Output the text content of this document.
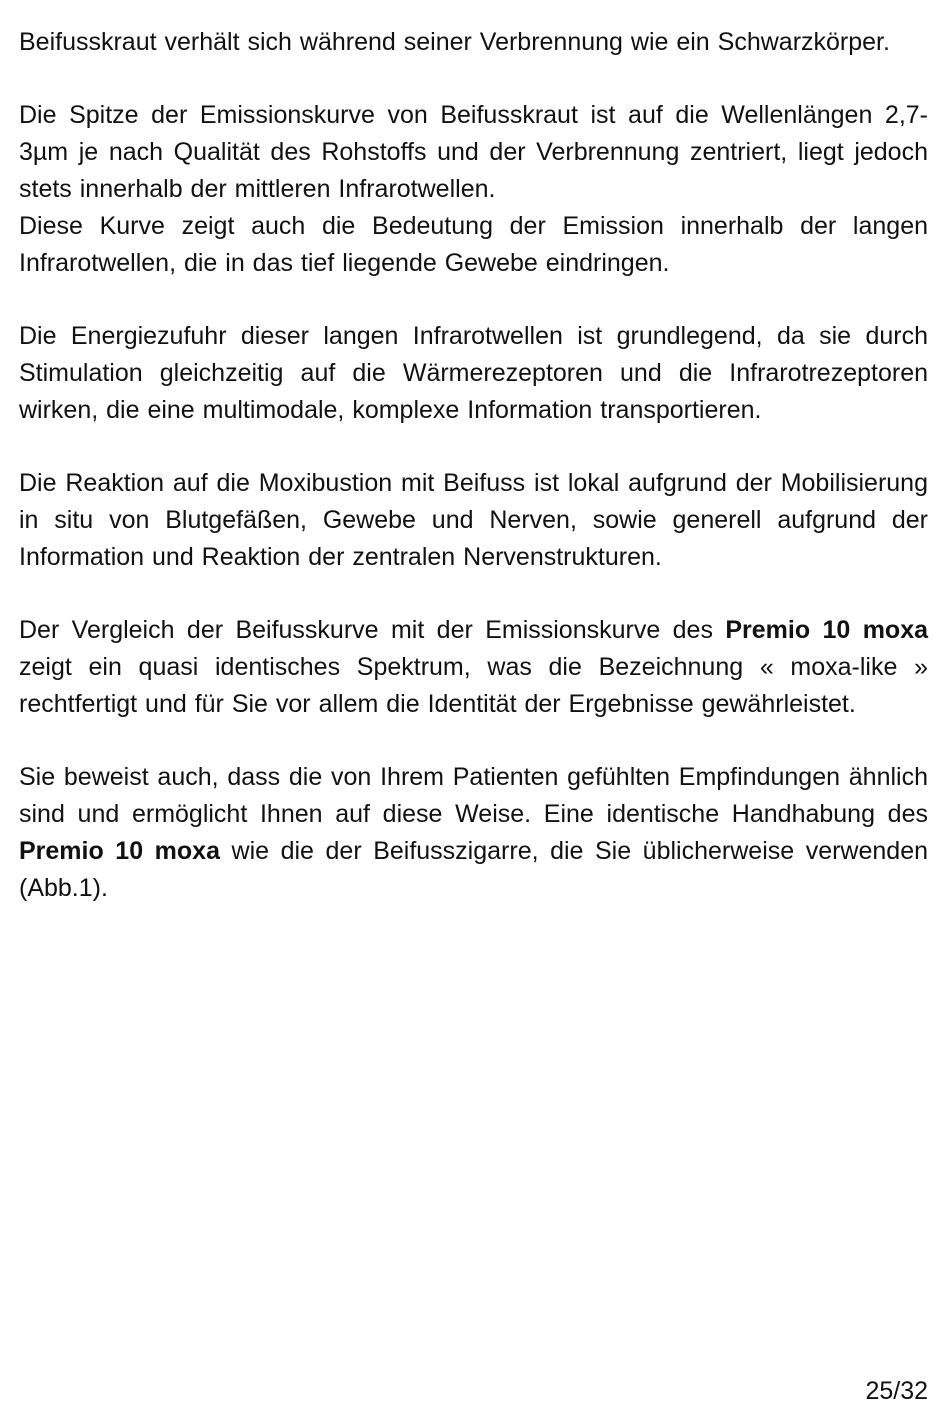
Beifusskraut verhält sich während seiner Verbrennung wie ein Schwarzkörper.

Die Spitze der Emissionskurve von Beifusskraut ist auf die Wellenlängen 2,7-3µm je nach Qualität des Rohstoffs und der Verbrennung zentriert, liegt jedoch stets innerhalb der mittleren Infrarotwellen.

Diese Kurve zeigt auch die Bedeutung der Emission innerhalb der langen Infrarotwellen, die in das tief liegende Gewebe eindringen.

Die Energiezufuhr dieser langen Infrarotwellen ist grundlegend, da sie durch Stimulation gleichzeitig auf die Wärmerezeptoren und die Infrarotrezeptoren wirken, die eine multimodale, komplexe Information transportieren.

Die Reaktion auf die Moxibustion mit Beifuss ist lokal aufgrund der Mobilisierung in situ von Blutgefäßen, Gewebe und Nerven, sowie generell aufgrund der Information und Reaktion der zentralen Nervenstrukturen.

Der Vergleich der Beifusskurve mit der Emissionskurve des Premio 10 moxa zeigt ein quasi identisches Spektrum, was die Bezeichnung « moxa-like » rechtfertigt und für Sie vor allem die Identität der Ergebnisse gewährleistet.

Sie beweist auch, dass die von Ihrem Patienten gefühlten Empfindungen ähnlich sind und ermöglicht Ihnen auf diese Weise. Eine identische Handhabung des Premio 10 moxa wie die der Beifusszigarre, die Sie üblicherweise verwenden (Abb.1).

25/32
